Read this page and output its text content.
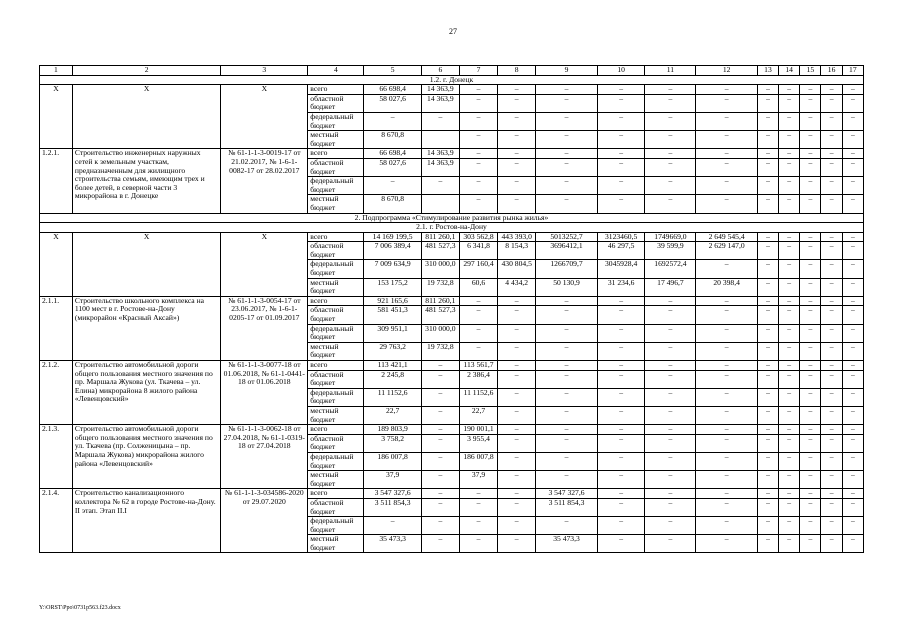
27
1	2	3	4	5	6	7	8	9	10	11	12	13	14	15	16	17
1.2. г. Донецк																
Х	Х	Х	всего	66 698,4	14 363,9	–	–	–	–	–	–	–	–	–	–	–
			областной бюджет	58 027,6	14 363,9	–	–	–	–	–	–	–	–	–	–	–
			федеральный бюджет	–	–	–	–	–	–	–	–	–	–	–	–	–
			местный бюджет	8 670,8		–	–	–	–	–	–	–	–	–	–	–
1.2.1.	Строительство инженерных наружных сетей к земельным участкам, предназначенным для жилищного строительства семьям, имеющим трех и более детей, в северной части 3 микрорайона в г. Донецке	№ 61-1-1-3-0019-17 от 21.02.2017, № 1-6-1-0082-17 от 28.02.2017	всего	66 698,4	14 363,9	–	–	–	–	–	–	–	–	–	–	–
			областной бюджет	58 027,6	14 363,9	–	–	–	–	–	–	–	–	–	–	–
			федеральный бюджет	–	–	–	–	–	–	–	–	–	–	–	–	–
			местный бюджет	8 670,8		–	–	–	–	–	–	–	–	–	–	–
2. Подпрограмма «Стимулирование развития рынка жилья»																
2.1. г. Ростов-на-Дону																
Х	Х	Х	всего	14 169 199,5	811 260,1	303 562,8	443 393,0	5013252,7	3123460,5	1749669,0	2 649 545,4	–	–	–	–	–
			областной бюджет	7 006 389,4	481 527,3	6 341,8	8 154,3	3696412,1	46 297,5	39 599,9	2 629 147,0	–	–	–	–	–
			федеральный бюджет	7 009 634,9	310 000,0	297 160,4	430 804,5	1266709,7	3045928,4	1692572,4	–	–	–	–	–	–
			местный бюджет	153 175,2	19 732,8	60,6	4 434,2	50 130,9	31 234,6	17 496,7	20 398,4	–	–	–	–	–
2.1.1.	Строительство школьного комплекса на 1100 мест в г. Ростове-на-Дону (микрорайон «Красный Аксай»)	№ 61-1-1-3-0054-17 от 23.06.2017, № 1-6-1-0205-17 от 01.09.2017	всего	921 165,6	811 260,1	–	–	–	–	–	–	–	–	–	–	–
			областной бюджет	581 451,3	481 527,3	–	–	–	–	–	–	–	–	–	–	–
			федеральный бюджет	309 951,1	310 000,0	–	–	–	–	–	–	–	–	–	–	–
			местный бюджет	29 763,2	19 732,8	–	–	–	–	–	–	–	–	–	–	–
2.1.2.	Строительство автомобильной дороги общего пользования местного значения по пр. Маршала Жукова (ул. Ткачева – ул. Елина) микрорайона 8 жилого района «Левенцовский»	№ 61-1-1-3-0077-18 от 01.06.2018, № 61-1-0441-18 от 01.06.2018	всего	113 421,1	–	113 561,7	–	–	–	–	–	–	–	–	–	–
			областной бюджет	2 245,8	–	2 386,4	–	–	–	–	–	–	–	–	–	–
			федеральный бюджет	11 1152,6	–	11 1152,6	–	–	–	–	–	–	–	–	–	–
			местный бюджет	22,7	–	22,7	–	–	–	–	–	–	–	–	–	–
2.1.3.	Строительство автомобильной дороги общего пользования местного значения по ул. Ткачева (пр. Солженицына – пр. Маршала Жукова) микрорайона жилого района «Левенцовский»	№ 61-1-1-3-0062-18 от 27.04.2018, № 61-1-0319-18 от 27.04.2018	всего	189 803,9	–	190 001,1	–	–	–	–	–	–	–	–	–	–
			областной бюджет	3 758,2	–	3 955,4	–	–	–	–	–	–	–	–	–	–
			федеральный бюджет	186 007,8	–	186 007,8	–	–	–	–	–	–	–	–	–	–
			местный бюджет	37,9	–	37,9	–	–	–	–	–	–	–	–	–	–
2.1.4.	Строительство канализационного коллектора № 62 в городе Ростове-на-Дону. II этап. Этап II.I	№ 61-1-1-3-034586-2020 от 29.07.2020	всего	3 547 327,6	–	–	–	3 547 327,6	–	–	–	–	–	–	–	–
			областной бюджет	3 511 854,3	–	–	–	3 511 854,3	–	–	–	–	–	–	–	–
			федеральный бюджет	–	–	–	–	–	–	–	–	–	–	–	–	–
			местный бюджет	35 473,3	–	–	–	35 473,3	–	–	–	–	–	–	–	–
Y:\ORST\Ppo\0731p563.f23.docx
